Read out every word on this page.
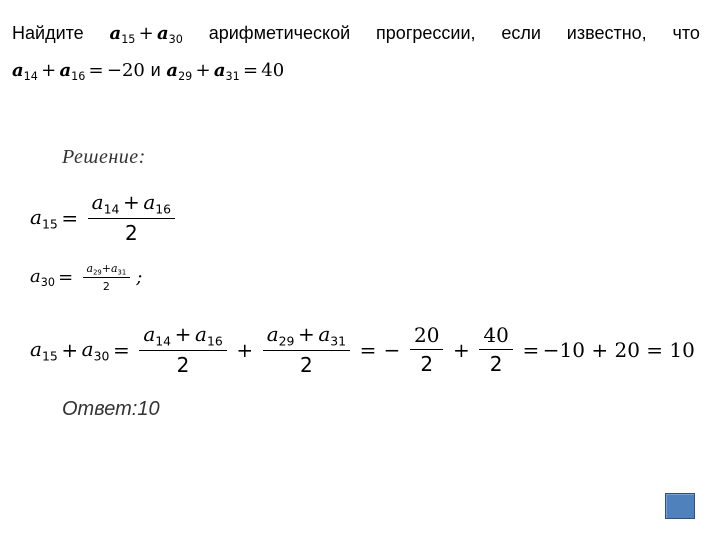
Найдите $a_{15} + a_{30}$ арифметической прогрессии, если известно, что
$a_{14} + a_{16} = -20$ и $a_{29} + a_{31} = 40$
Решение:
$a_{15} = \frac{a_{14} + a_{16}}{2}$
$a_{30} = \frac{a_{29}+a_{31}}{2}$ ;
$a_{15} + a_{30} = \frac{a_{14} + a_{16}}{2} + \frac{a_{29} + a_{31}}{2}$ = − $\frac{20}{2} + \frac{40}{2} = -10 + 20 = 10$
Ответ:10
